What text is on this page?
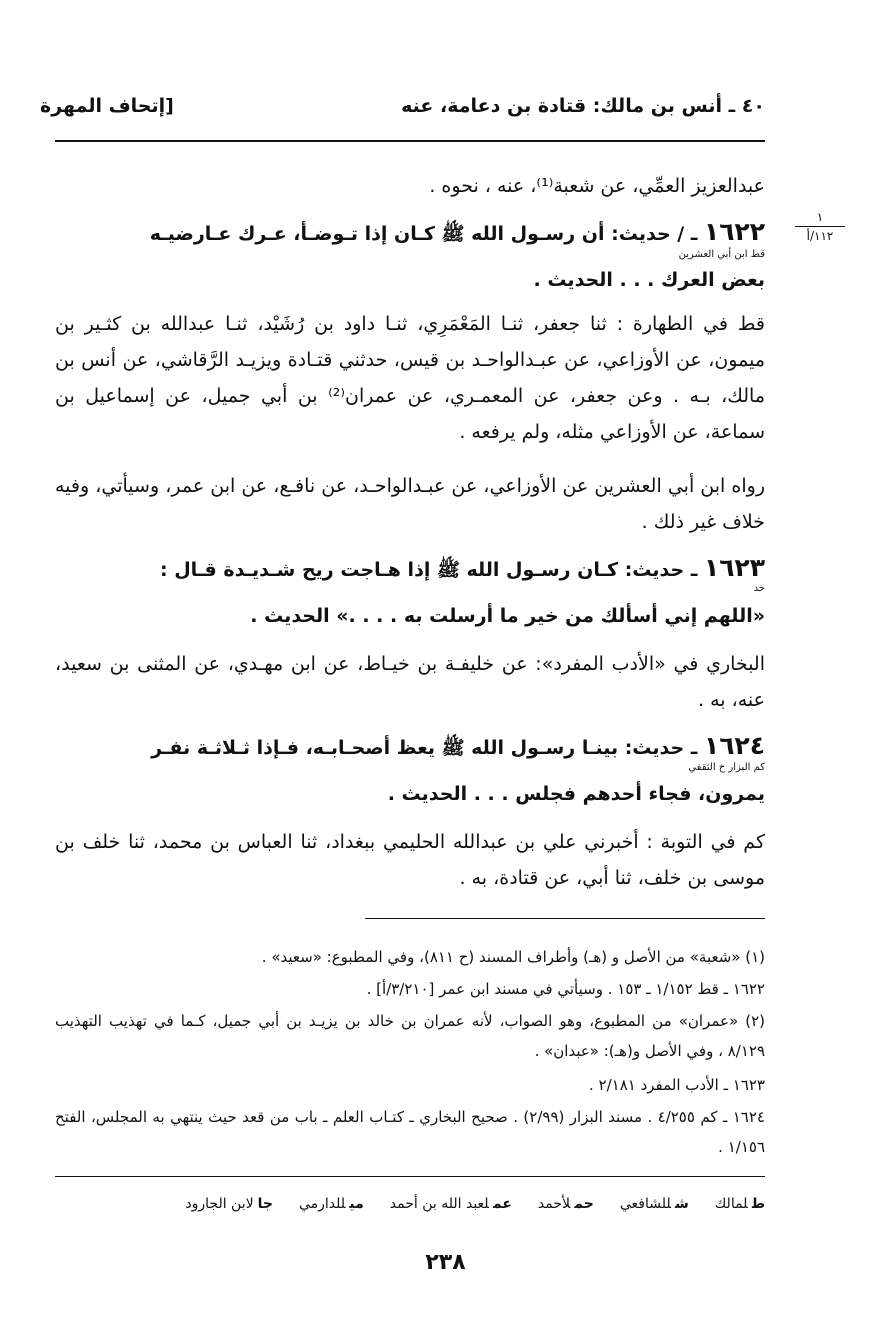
٤٠ ـ أنس بن مالك: قتادة بن دعامة، عنه
[إتحاف المهرة
عبدالعزيز العمِّي، عن شعبة⁽¹⁾، عنه ، نحوه .
١
١١٢/أ
١٦٢٢ ـ / حديث: أن رسـول الله ﷺ كـان إذا تـوضـأ، عـرك عـارضيـه
قط ابن أبي العشرين
بعض العرك . . . الحديث .
قط في الطهارة : ثنا جعفر، ثنـا المَعْمَرِي، ثنـا داود بن رُشَيْد، ثنـا عبدالله بن كثـير بن ميمون، عن الأوزاعي، عن عبـدالواحـد بن قيس، حدثني قتـادة ويزيـد الرَّقاشي، عن أنس بن مالك، بـه . وعن جعفر، عن المعمـري، عن عمران⁽²⁾ بن أبي جميل، عن إسماعيل بن سماعة، عن الأوزاعي مثله، ولم يرفعه .
رواه ابن أبي العشرين عن الأوزاعي، عن عبـدالواحـد، عن نافـع، عن ابن عمر، وسيأتي، وفيه خلاف غير ذلك .
١٦٢٣ ـ حديث: كـان رسـول الله ﷺ إذا هـاجت ريح شـديـدة قـال :
خد
«اللهم إني أسألك من خير ما أرسلت به . . . .» الحديث .
البخاري في «الأدب المفرد»: عن خليفـة بن خيـاط، عن ابن مهـدي، عن المثنى بن سعيد، عنه، به .
١٦٢٤ ـ حديث: بينـا رسـول الله ﷺ يعظ أصحـابـه، فـإذا ثـلاثـة نفـر
كم البزار خ الثقفي
يمرون، فجاء أحدهم فجلس . . . الحديث .
كم في التوبة : أخبرني علي بن عبدالله الحليمي ببغداد، ثنا العباس بن محمد، ثنا خلف بن موسى بن خلف، ثنا أبي، عن قتادة، به .
(١) «شعبة» من الأصل و (هـ) وأطراف المسند (ح ٨١١)، وفي المطبوع: «سعيد» .
١٦٢٢ ـ قط ١/١٥٢ ـ ١٥٣ . وسيأتي في مسند ابن عمر [٣/٢١٠/أ] .
(٢) «عمران» من المطبوع، وهو الصواب، لأنه عمران بن خالد بن يزيـد بن أبي جميل، كـما في تهذيب التهذيب ٨/١٢٩ ، وفي الأصل و(هـ): «عبدان» .
١٦٢٣ ـ الأدب المفرد ٢/١٨١ .
١٦٢٤ ـ كم ٤/٢٥٥ . مسند البزار (٢/٩٩) . صحيح البخاري ـ كتـاب العلم ـ باب من قعد حيث ينتهي به المجلس، الفتح ١/١٥٦ .
طلمالك
شللشافعي
حملأحمد
عملعبد الله بن أحمد
ميللدارمي
جالابن الجارود
٢٣٨
